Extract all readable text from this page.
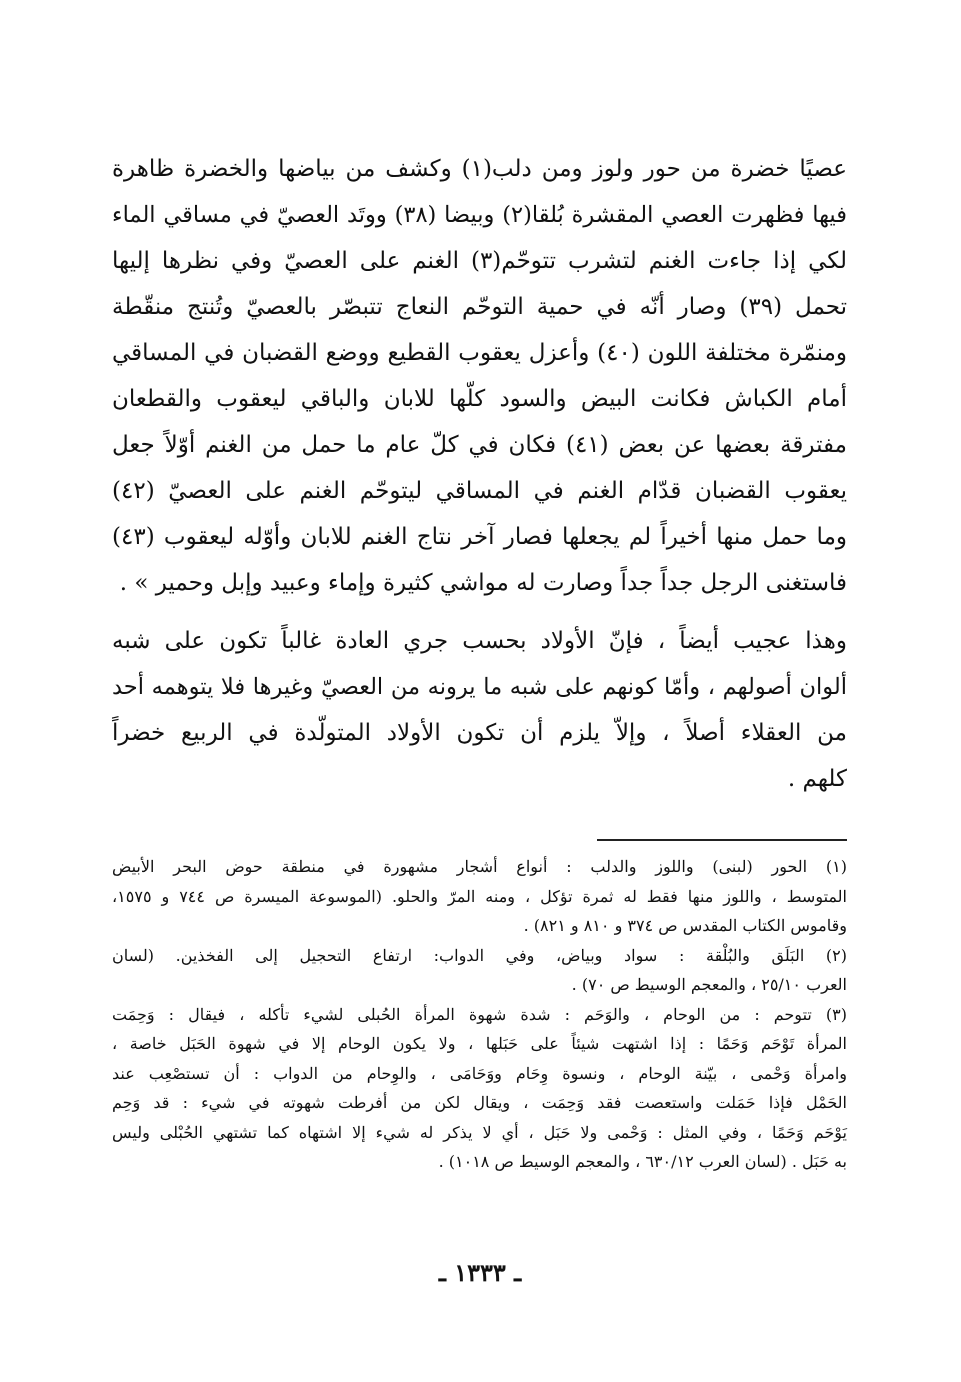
عصيًا خضرة من حور ولوز ومن دلب(١) وكشف من بياضها والخضرة ظاهرة
فيها فظهرت العصي المقشرة بُلقا(٢) وبيضا (٣٨) ووتَد العصيّ في مساقي الماء
لكي إذا جاءت الغنم لتشرب تتوحّم(٣) الغنم على العصيّ وفي نظرها إليها
تحمل (٣٩) وصار أنّه في حمية التوحّم النعاج تتبصّر بالعصيّ وتُنتج منقّطة
ومنمّرة مختلفة اللون (٤٠) وأعزل يعقوب القطيع ووضع القضبان في المساقي
أمام الكباش فكانت البيض والسود كلّها للابان والباقي ليعقوب والقطعان
مفترقة بعضها عن بعض (٤١) فكان في كلّ عام ما حمل من الغنم أوّلاً جعل
يعقوب القضبان قدّام الغنم في المساقي ليتوحّم الغنم على العصيّ (٤٢)
وما حمل منها أخيراً لم يجعلها فصار آخر نتاج الغنم للابان وأوّله ليعقوب (٤٣)
فاستغنى الرجل جداً جداً وصارت له مواشي كثيرة وإماء وعبيد وإبل وحمير » .
وهذا عجيب أيضاً ، فإنّ الأولاد بحسب جري العادة غالباً تكون على شبه
ألوان أصولهم ، وأمّا كونهم على شبه ما يرونه من العصيّ وغيرها فلا يتوهمه أحد
من العقلاء أصلاً ، وإلاّ يلزم أن تكون الأولاد المتولّدة في الربيع خضراً
كلهم .
(١) الحور (لبنى) واللوز والدلب : أنواع أشجار مشهورة في منطقة حوض البحر الأبيض
المتوسط ، واللوز منها فقط له ثمرة تؤكل ، ومنه المرّ والحلو. (الموسوعة الميسرة ص ٧٤٤ و ١٥٧٥،
وقاموس الكتاب المقدس ص ٣٧٤ و ٨١٠ و ٨٢١) .
(٢) البَلَق والبُلْقة : سواد وبياض، وفي الدواب: ارتفاع التحجيل إلى الفخذين. (لسان
العرب ٢٥/١٠ ، والمعجم الوسيط ص ٧٠) .
(٣) تتوحم : من الوحام ، والوَحَم : شدة شهوة المرأة الحُبلى لشيء تأكله ، فيقال : وَحِمَت
المرأة تَوْحَم وَحَمًا : إذا اشتهت شيئاً على حَبَلها ، ولا يكون الوحام إلا في شهوة الحَبَل خاصة ،
وامرأة وَحْمى ، بيّنة الوحام ، ونسوة وِحَام ووَحَامَى ، والوِحام من الدواب : أن تستصْعِب عند
الحَمْل فإذا حَمَلت واستعصت فقد وَحِمَت ، ويقال لكن من أفرطت شهوته في شيء : قد وَحِم
يَوْحَم وَحَمًا ، وفي المثل : وَحْمى ولا حَبَل ، أي لا يذكر له شيء إلا اشتهاه كما تشتهي الحُبْلى وليس
به حَبَل . (لسان العرب ٦٣٠/١٢ ، والمعجم الوسيط ص ١٠١٨) .
ـ ١٣٣٣ ـ
